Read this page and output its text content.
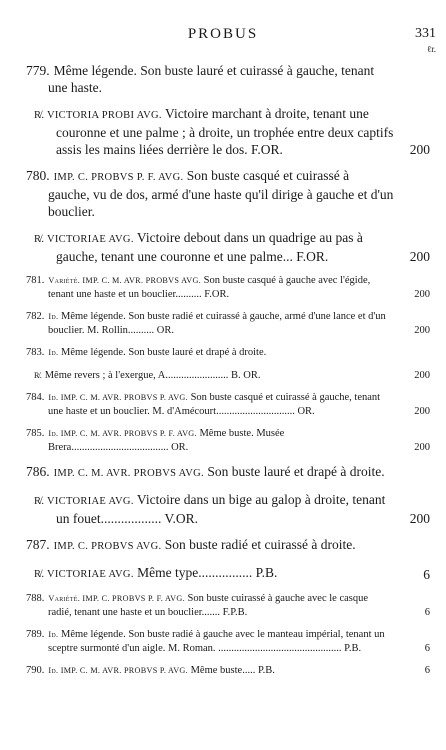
PROBUS	331
ℓr.
779. Même légende. Son buste lauré et cuirassé à gauche, tenant une haste.
R̸. VICTORIA PROBI AVG. Victoire marchant à droite, tenant une couronne et une palme ; à droite, un trophée entre deux captifs assis les mains liées derrière le dos. F.OR.	200
780. IMP. C. PROBVS P. F. AVG. Son buste casqué et cuirassé à gauche, vu de dos, armé d'une haste qu'il dirige à gauche et d'un bouclier.
R̸. VICTORIAE AVG. Victoire debout dans un quadrige au pas à gauche, tenant une couronne et une palme... F.OR.	200
781. Variété. IMP. C. M. AVR. PROBVS AVG. Son buste casqué à gauche avec l'égide, tenant une haste et un bouclier.......... F.OR.	200
782. Id. Même légende. Son buste radié et cuirassé à gauche, armé d'une lance et d'un bouclier. M. Rollin.......... OR.	200
783. Id. Même légende. Son buste lauré et drapé à droite.
R̸. Même revers ; à l'exergue, A........................ B. OR.	200
784. Id. IMP. C. M. AVR. PROBVS P. AVG. Son buste casqué et cuirassé à gauche, tenant une haste et un bouclier. M. d'Amécourt.............................. OR.	200
785. Id. IMP. C. M. AVR. PROBVS P. F. AVG. Même buste. Musée Brera..................................... OR.	200
786. IMP. C. M. AVR. PROBVS AVG. Son buste lauré et drapé à droite.
R̸. VICTORIAE AVG. Victoire dans un bige au galop à droite, tenant un fouet.................. V.OR.	200
787. IMP. C. PROBVS AVG. Son buste radié et cuirassé à droite.
R̸. VICTORIAE AVG. Même type................ P.B.	6
788. Variété. IMP. C. PROBVS P. F. AVG. Son buste cuirassé à gauche avec le casque radié, tenant une haste et un bouclier....... F.P.B.	6
789. Id. Même légende. Son buste radié à gauche avec le manteau impérial, tenant un sceptre surmonté d'un aigle. M. Roman. ............................................... P.B.	6
790. Id. IMP. C. M. AVR. PROBVS P. AVG. Même buste..... P.B.	6
